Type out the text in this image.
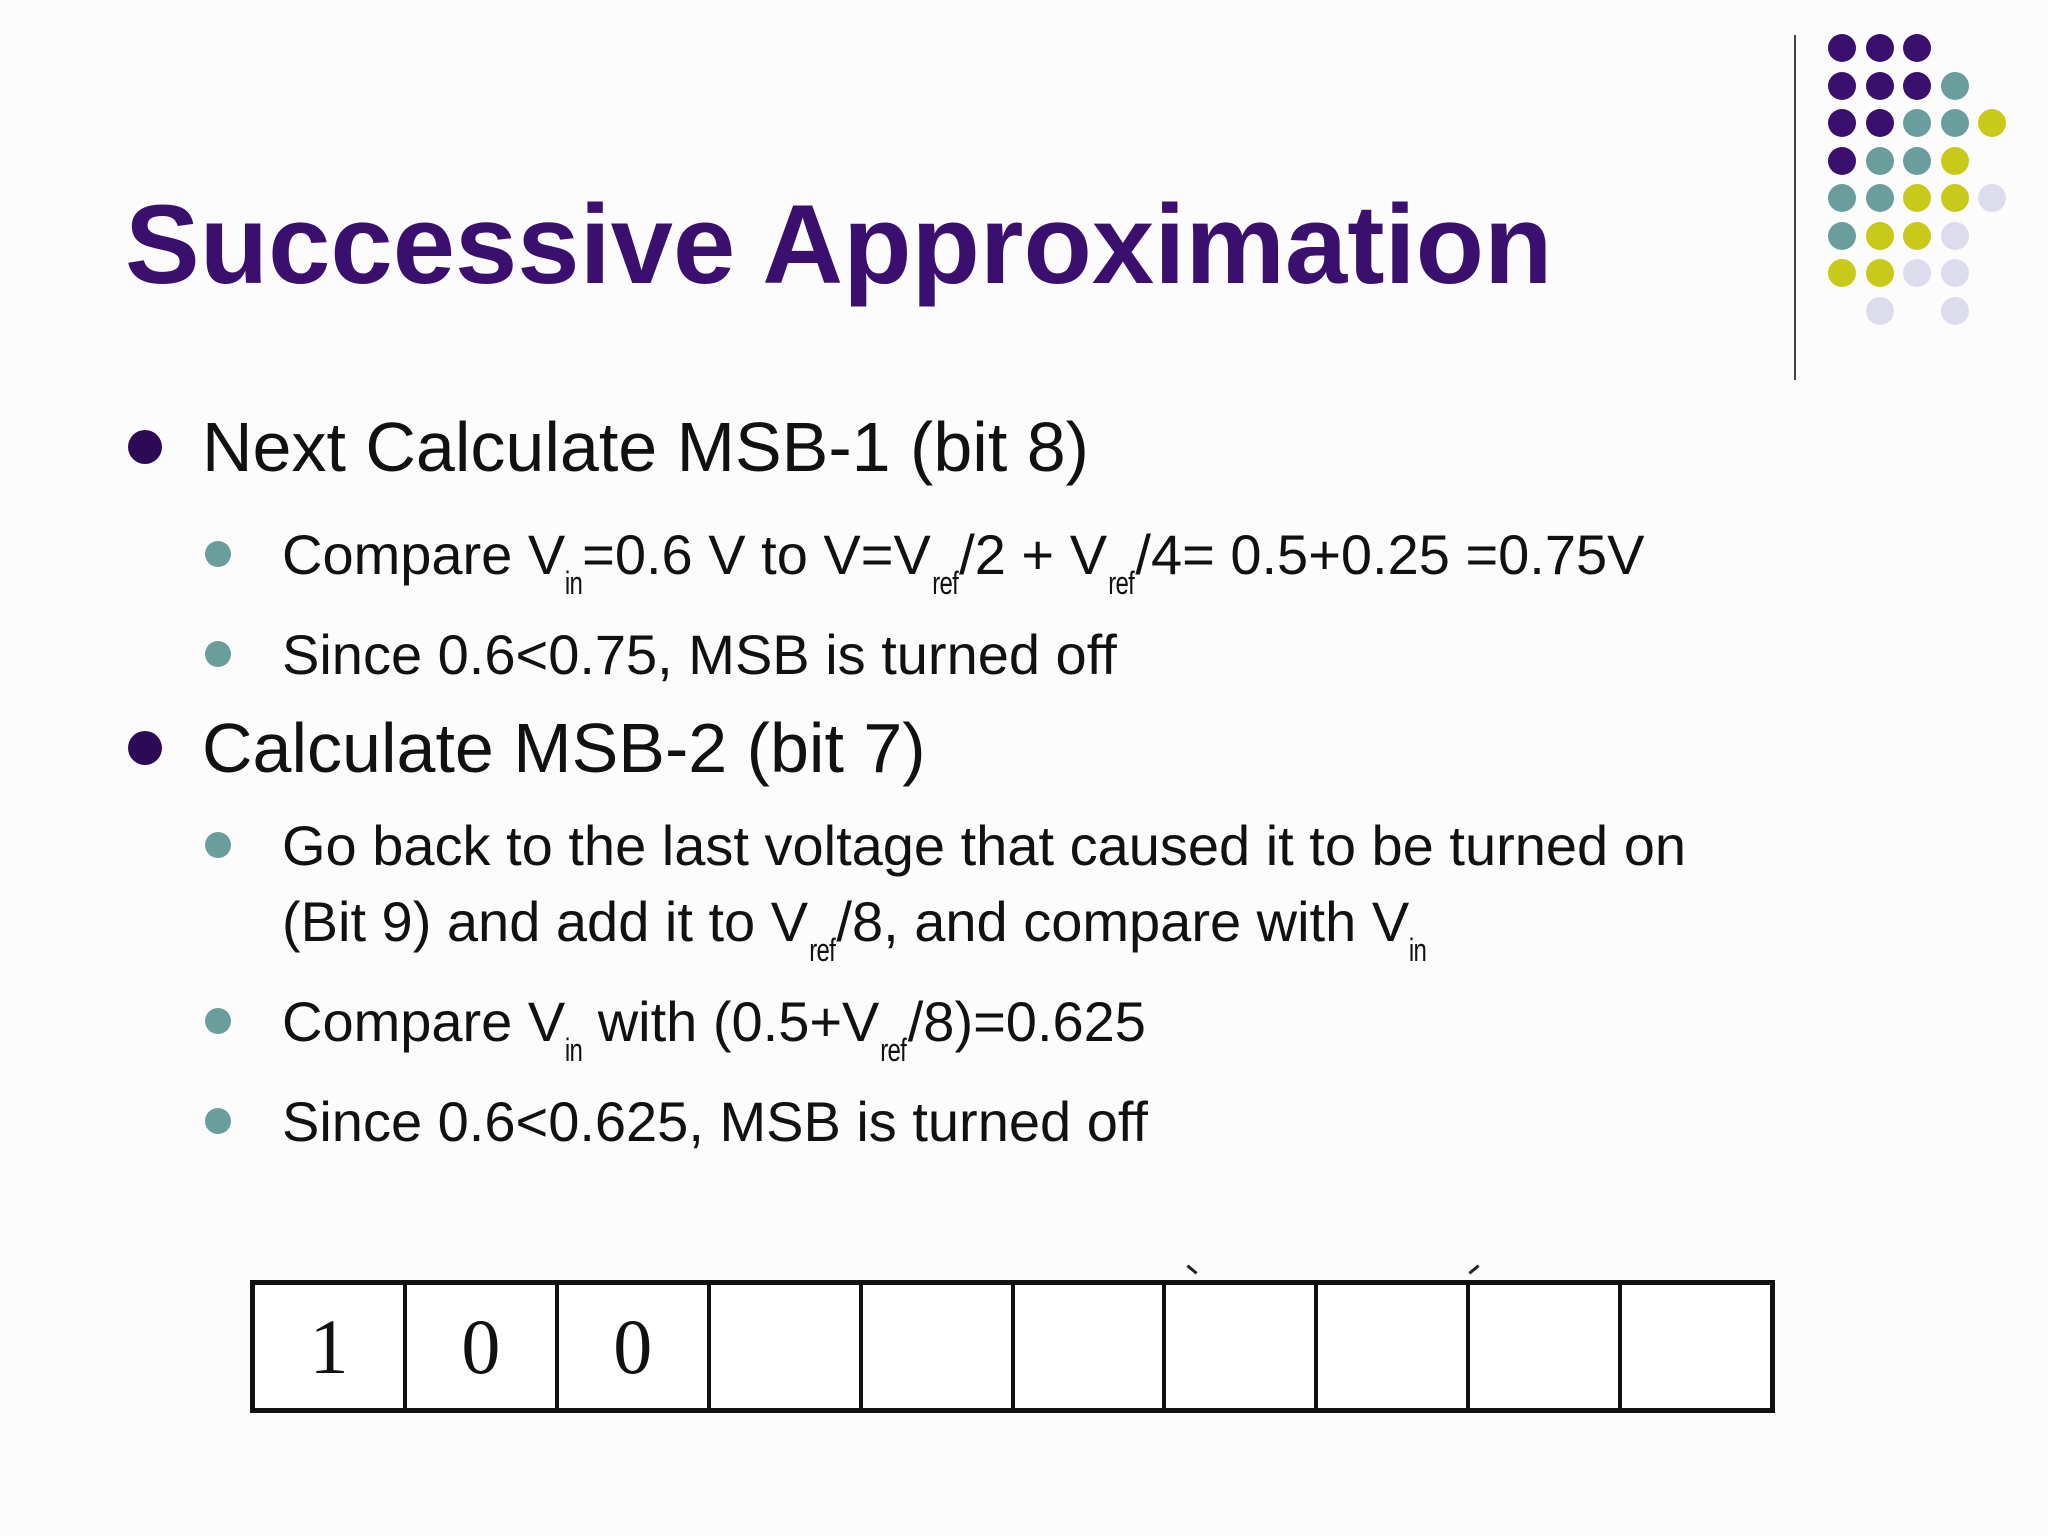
Successive Approximation
Next Calculate MSB-1 (bit 8)
Compare Vin=0.6 V to V=Vref/2 + Vref/4= 0.5+0.25 =0.75V
Since 0.6<0.75, MSB is turned off
Calculate MSB-2 (bit 7)
Go back to the last voltage that caused it to be turned on
(Bit 9) and add it to Vref/8, and compare with Vin
Compare Vin with (0.5+Vref/8)=0.625
Since 0.6<0.625, MSB is turned off
1	0	0
